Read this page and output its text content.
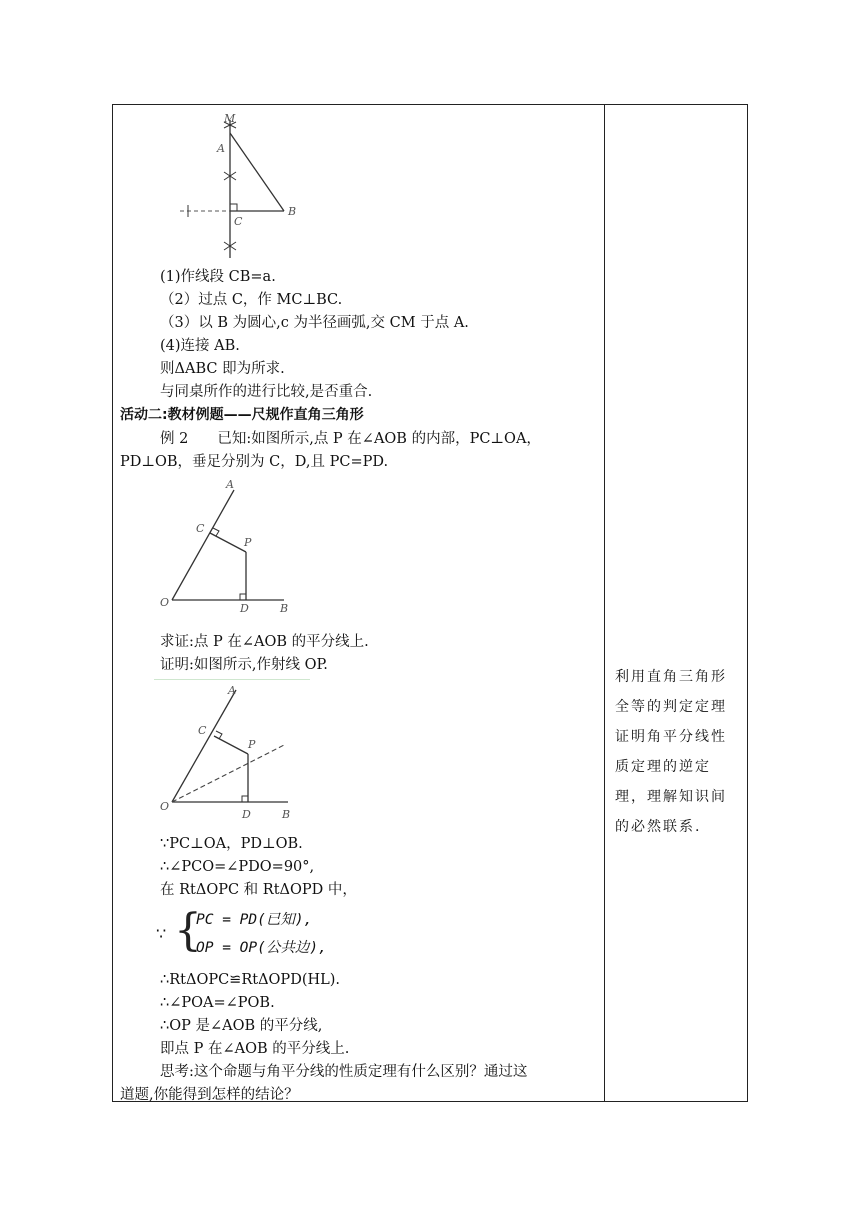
M
A
C
B
(1)作线段 CB=a.
（2）过点 C，作 MC⊥BC.
（3）以 B 为圆心,c 为半径画弧,交 CM 于点 A.
(4)连接 AB.
则ΔABC 即为所求.
与同桌所作的进行比较,是否重合.
活动二:教材例题——尺规作直角三角形
例 2　　已知:如图所示,点 P 在∠AOB 的内部，PC⊥OA，
PD⊥OB，垂足分别为 C，D,且 PC=PD.
A
C
P
O	D	B
求证:点 P 在∠AOB 的平分线上.
证明:如图所示,作射线 OP.
A
C
P
O
D	B
∵PC⊥OA，PD⊥OB.
∴∠PCO=∠PDO=90°,
在 RtΔOPC 和 RtΔOPD 中，
∵ {
PC = PD(已知),
OP = OP(公共边),
∴RtΔOPC≌RtΔOPD(HL).
∴∠POA=∠POB.
∴OP 是∠AOB 的平分线,
即点 P 在∠AOB 的平分线上.
思考:这个命题与角平分线的性质定理有什么区别？通过这
道题,你能得到怎样的结论？
利用直角三角形
全等的判定定理
证明角平分线性
质定理的逆定
理，理解知识间
的必然联系.
